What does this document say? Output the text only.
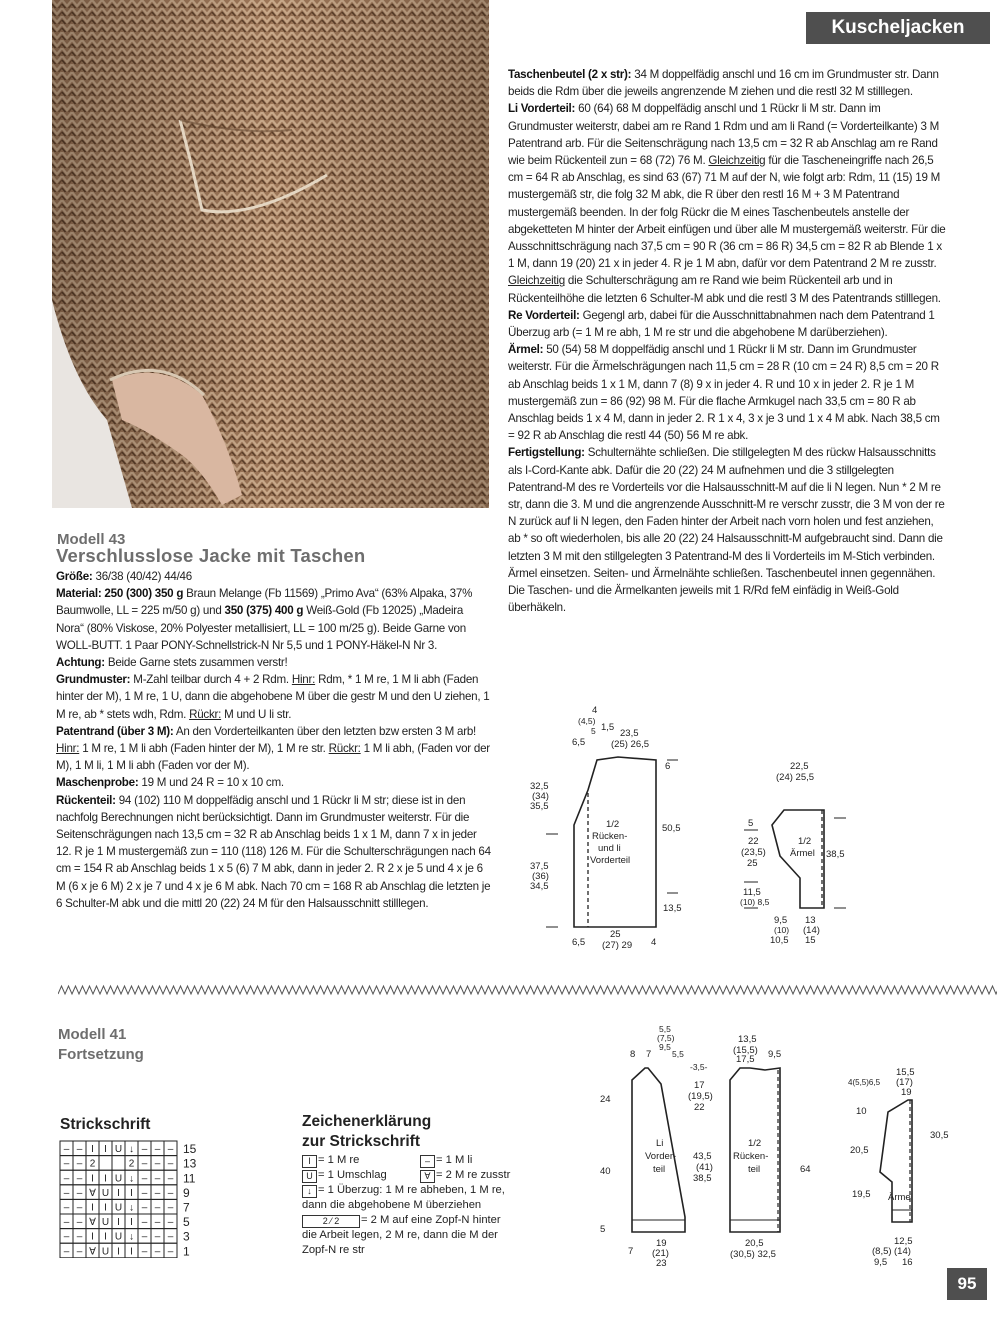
Kuscheljacken
Modell 43
Verschlusslose Jacke mit Taschen

Größe: 36/38 (40/42) 44/46

Material: 250 (300) 350 g Braun Melange (Fb 11569) „Primo Ava“ (63% Alpaka, 37% Baumwolle, LL = 225 m/50 g) und 350 (375) 400 g Weiß-Gold (Fb 12025) „Madeira Nora“ (80% Viskose, 20% Polyester metallisiert, LL = 100 m/25 g). Beide Garne von WOLL-BUTT. 1 Paar PONY-Schnellstrick-N Nr 5,5 und 1 PONY-Häkel-N Nr 3.

Achtung: Beide Garne stets zusammen verstr!

Grundmuster: M-Zahl teilbar durch 4 + 2 Rdm. Hinr: Rdm, * 1 M re, 1 M li abh (Faden hinter der M), 1 M re, 1 U, dann die abgehobene M über die gestr M und den U ziehen, 1 M re, ab * stets wdh, Rdm. Rückr: M und U li str.

Patentrand (über 3 M): An den Vorderteilkanten über den letzten bzw ersten 3 M arb! Hinr: 1 M re, 1 M li abh (Faden hinter der M), 1 M re str. Rückr: 1 M li abh, (Faden vor der M), 1 M li, 1 M li abh (Faden vor der M).

Maschenprobe: 19 M und 24 R = 10 x 10 cm.

Rückenteil: 94 (102) 110 M doppelfädig anschl und 1 Rückr li M str; diese ist in den nachfolg Berechnungen nicht berücksichtigt. Dann im Grundmuster weiterstr. Für die Seitenschrägungen nach 13,5 cm = 32 R ab Anschlag beids 1 x 1 M, dann 7 x in jeder 12. R je 1 M mustergemäß zun = 110 (118) 126 M. Für die Schulterschrägungen nach 64 cm = 154 R ab Anschlag beids 1 x 5 (6) 7 M abk, dann in jeder 2. R 2 x je 5 und 4 x je 6 M (6 x je 6 M) 2 x je 7 und 4 x je 6 M abk. Nach 70 cm = 168 R ab Anschlag die letzten je 6 Schulter-M abk und die mittl 20 (22) 24 M für den Halsausschnitt stilllegen.

Taschenbeutel (2 x str): 34 M doppelfädig anschl und 16 cm im Grundmuster str. Dann beids die Rdm über die jeweils angrenzende M ziehen und die restl 32 M stilllegen.

Li Vorderteil: 60 (64) 68 M doppelfädig anschl und 1 Rückr li M str. Dann im Grundmuster weiterstr, dabei am re Rand 1 Rdm und am li Rand (= Vorderteilkante) 3 M Patentrand arb. Für die Seitenschrägung nach 13,5 cm = 32 R ab Anschlag am re Rand wie beim Rückenteil zun = 68 (72) 76 M. Gleichzeitig für die Tascheneingriffe nach 26,5 cm = 64 R ab Anschlag, es sind 63 (67) 71 M auf der N, wie folgt arb: Rdm, 11 (15) 19 M mustergemäß str, die folg 32 M abk, die R über den restl 16 M + 3 M Patentrand mustergemäß beenden. In der folg Rückr die M eines Taschenbeutels anstelle der abgeketteten M hinter der Arbeit einfügen und über alle M mustergemäß weiterstr. Für die Ausschnittschrägung nach 37,5 cm = 90 R (36 cm = 86 R) 34,5 cm = 82 R ab Blende 1 x 1 M, dann 19 (20) 21 x in jeder 4. R je 1 M abn, dafür vor dem Patentrand 2 M re zusstr. Gleichzeitig die Schulterschrägung am re Rand wie beim Rückenteil arb und in Rückenteilhöhe die letzten 6 Schulter-M abk und die restl 3 M des Patentrands stilllegen.

Re Vorderteil: Gegengl arb, dabei für die Ausschnittabnahmen nach dem Patentrand 1 Überzug arb (= 1 M re abh, 1 M re str und die abgehobene M darüberziehen).

Ärmel: 50 (54) 58 M doppelfädig anschl und 1 Rückr li M str. Dann im Grundmuster weiterstr. Für die Ärmelschrägungen nach 11,5 cm = 28 R (10 cm = 24 R) 8,5 cm = 20 R ab Anschlag beids 1 x 1 M, dann 7 (8) 9 x in jeder 4. R und 10 x in jeder 2. R je 1 M mustergemäß zun = 86 (92) 98 M. Für die flache Armkugel nach 33,5 cm = 80 R ab Anschlag beids 1 x 4 M, dann in jeder 2. R 1 x 4, 3 x je 3 und 1 x 4 M abk. Nach 38,5 cm = 92 R ab Anschlag die restl 44 (50) 56 M re abk.

Fertigstellung: Schulternähte schließen. Die stillgelegten M des rückw Halsausschnitts als I-Cord-Kante abk. Dafür die 20 (22) 24 M aufnehmen und die 3 stillgelegten Patentrand-M des re Vorderteils vor die Halsausschnitt-M auf die li N legen. Nun * 2 M re str, dann die 3. M und die angrenzende Ausschnitt-M re verschr zusstr, die 3 M von der re N zurück auf li N legen, den Faden hinter der Arbeit nach vorn holen und fest anziehen, ab * so oft wiederholen, bis alle 20 (22) 24 Halsausschnitt-M aufgebraucht sind. Dann die letzten 3 M mit den stillgelegten 3 Patentrand-M des li Vorderteils im M-Stich verbinden. Ärmel einsetzen. Seiten- und Ärmelnähte schließen. Taschenbeutel innen gegennähen. Die Taschen- und die Ärmelkanten jeweils mit 1 R/Rd feM einfädig in Weiß-Gold überhäkeln.

4
(4,5)
5 1,5
6,5
23,5
(25) 26,5
6
32,5
(34)
35,5
1/2
Rücken-
und li
Vorderteil
50,5
37,5
(36)
34,5
13,5
6,5
25
(27) 29 4
22,5
(24) 25,5
5
22
(23,5)
25
1/2
Ärmel 38,5
11,5
(10) 8,5
9,5
(10)
10,5
13
(14)
15
Modell 41
Fortsetzung
Strickschrift
– – I I U ↓ – – – 15
– – 2	2 – – – 13
– – I I U ↓ – – – 11
– – ∀ U I I – – – 9
– – I I U ↓ – – – 7
– – ∀ U I I – – – 5
– – I I U ↓ – – – 3
– – ∀ U I I – – – 1
Zeichenerklärung
zur Strickschrift
I = 1 M re	– = 1 M li
U = 1 Umschlag	∀ = 2 M re zusstr
↓ = 1 Überzug: 1 M re abheben, 1 M re, dann die abgehobene M überziehen
2 ⁄ 2 = 2 M auf eine Zopf-N hinter die Arbeit legen, 2 M re, dann die M der Zopf-N re str
5,5
(7,5)
9,5
5,5
8 7
-3,5-
17
(19,5)
22
24
Li
Vorder-
teil
43,5
(41)
38,5
40
5
19
(21)
23
7
13,5
(15,5)
17,5 9,5
1/2
Rücken-
teil	64
20,5
(30,5) 32,5
4(5,5)6,5
15,5
(17)
19
10
30,5
20,5
19,5 Ärmel
12,5
(14)
16
(8,5)
9,5
95
